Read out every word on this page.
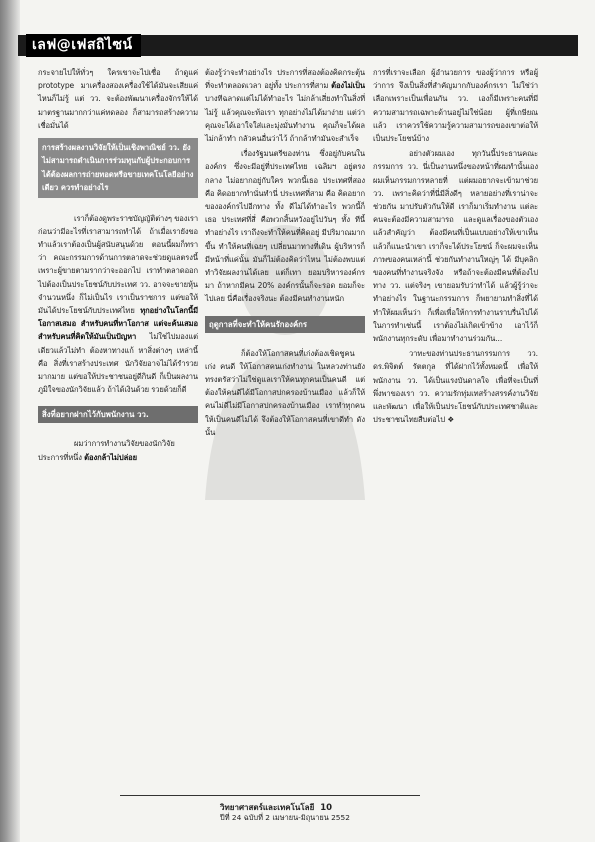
เลฟ@เฟสถิไซน์

กระจายไปให้ทั่วๆ ใครเขาจะไปเชื่อ ถ้าดูแค่ prototype มาเครื่องสองเครื่องใช้ได้มันจะเสียแค่ไหนก็ไม่รู้ แต่ วว. จะต้องพัฒนาเครื่องจักรให้ได้มาตรฐานมากกว่าแค่ทดลอง ก็สามารถสร้างความเชื่อมั่นได้

การสร้างผลงานวิจัยให้เป็นเชิงพาณิชย์ วว. ยังไม่สามารถดำเนินการร่วมทุนกับผู้ประกอบการได้ต้องผลการถ่ายทอดหรือขายเทคโนโลยีอย่างเดียว ควรทำอย่างไร

เราก็ต้องดูพระราชบัญญัติต่างๆ ของเราก่อนว่ามีอะไรที่เราสามารถทำได้ ถ้าเมื่อเรายังขอทำแล้วเราต้องเป็นผู้สนับสนุนด้วย ตอนนี้ผมก็ทราว่า คณะกรรมการด้านการตลาดจะช่วยดูแลตรงนี้ เพราะผู้ขายตามรากว่าจะออกไป เราทำตลาดออกไปต้องเป็นประโยชน์กับประเทศ วว. อาจจะขายหุ้นจำนวนหนึ่ง ก็ไม่เป็นไร เราเป็นราชการ แต่ขอให้มันได้ประโยชน์กับประเทศไทย ทุกอย่างในโลกนี้มีโอกาสเสมอ สำหรับคนที่หาโอกาส แต่จะค้นเสมอสำหรับคนที่คิดให้มันเป็นปัญหา ไม่ใช่ไปมองแต่เดียวแล้วไม่ทำ ต้องหาทางแก้ หาสิ่งต่างๆ เหล่านี้ คือ สิ่งที่เราสร้างประเทศ นักวิจัยอาจไม่ได้รำรวยมากมาย แต่ขอให้ประชาชนอยู่ดีกินดี ก็เป็นผลงานภูมิใจของนักวิจัยแล้ว ถ้าได้เงินด้วย รวยด้วยก็ดี

สิ่งที่อยากฝากไว้กับพนักงาน วว.

ผมว่าการทำงานวิจัยของนักวิจัย ประการที่หนึ่ง ต้องกล้าไม่ปล่อย

ต้องรู้ว่าจะทำอย่างไร ประการที่สองต้องคิดกระตุ้นที่จะทำตลอดเวลา อยู่ทั้ง ประการที่สาม ต้องไม่เป็น บางทีฉลาดแต่ไม่ได้ทำอะไร ไม่กล้าเสี่ยงทำในสิ่งที่ไม่รู้ แล้วคุณจะท้อเรา ทุกอย่างไม่ได้มาง่าย แต่ว่าคุณจะได้เอาใจใส่และมุ่งมั่นทำงาน คุณก็จะได้ผล ไม่กล้าทำ กลัวคนอื่นว่าไว้ ถ้ากล้าทำมันจะสำเร็จ

เรื่องรัฐมนตรีของท่าน ซึ่งอยู่กับคนในองค์กร ซึ่งจะมีอยู่ที่ประเทศไทย เฉลิมฯ อยู่ตรงกลาง ไม่อยากอยู่กับใคร พวกนี้เธอ ประเทศที่สองคือ คิดอยากทำนั่นทำนี่ ประเทศที่สาม คือ คิดอยากขององค์กรไปอีกทาง ทั้ง ดีไม่ได้ทำอะไร พวกนี้ก็เธอ ประเทศที่สี่ คือพวกสิ้นหวังอยู่ไปวันๆ ทั้ง ทีนี้ ทำอย่างไร เราถึงจะทำให้คนที่คิดอยู่ มีปริมาณมากขึ้น ทำให้คนที่เฉยๆ เปลี่ยนมาทางที่เดิน ผู้บริหารก็มีหน้าที่แค่นั้น มันก็ไม่ต้องคิดว่าไหน ไม่ต้องพบแต่ทำวิจัยผลงานได้เลย แต่ก็เทา ยอมบริหารองค์กรมา ถ้าหากมีคน 20% องค์กรนั้นก็จะรอด ยอมก็จะไปเลย นี่คือเรื่องจริงนะ ต้องมีคนทำงานหนัก

ฤดูกาลที่จะทำให้คนรักองค์กร

ก็ต้องให้โอกาสคนที่เก่งต้องเชิดชูคนเก่ง คนดี ให้โอกาสคนเก่งทำงาน ในหลวงท่านยังทรงตรัสว่าไม่ใช่ดูแลเราให้คนทุกคนเป็นคนดี แต่ต้องให้คนดีได้มีโอกาสปกครองบ้านเมือง แล้วก็ให้คนไม่ดีไม่มีโอกาสปกครองบ้านเมือง เราทำทุกคนให้เป็นคนดีไม่ได้ จึงต้องให้โอกาสคนที่เขาดีทำ ดังนั้น

การที่เราจะเลือก ผู้อำนวยการ ของผู้ว่าการ หรือผู้ว่าการ จึงเป็นสิ่งที่สำคัญมากกับองค์กรเรา ไม่ใช่ว่าเลือกเพราะเป็นเพื่อนกัน วว. เองก็มีเพราะคนที่มีความสามารถเฉพาะด้านอยู่ไม่ใช่น้อย ผู้ที่เกษียณแล้ว เราควรใช้ความรู้ความสามารถของเขาต่อให้เป็นประโยชน์บ้าง

อย่างตัวผมเอง ทุกวันนี้ประธานคณะกรรมการ วว. นี่เป็นงานหนึ่งของหน้าที่ผมทำนั้นเอง ผมเห็นกรรมการหลายที่ แต่ผมอยากจะเข้ามาช่วย วว. เพราะคิดว่าที่นี่มีสิ่งดีๆ หลายอย่างที่เราน่าจะช่วยกัน มาปรับตัวกันให้ดี เราก็มาเริ่มทำงาน แต่ละคนจะต้องมีความสามารถ และดูแลเรื่องของตัวเอง แล้วสำคัญว่า ต้องมีคนที่เป็นแบบอย่างให้เขาเห็น แล้วก็แนะนำเขา เราก็จะได้ประโยชน์ ก็จะผมจะเห็นภาพของคนเหล่านี้ ช่วยกันทำงานใหญ่ๆ ได้ มีบุคลิกของคนที่ทำงานจริงจัง หรือถ้าจะต้องมีคนที่ต้องไปทาง วว. แต่จริงๆ เขายอมรับว่าทำได้ แล้วผู้รู้ว่าจะทำอย่างไร ในฐานะกรรมการ ก็พยายามทำสิ่งที่ได้ทำให้ผมเห็นว่า ก็เพื่อเพื่อให้การทำงานราบรื่นไปได้ ในการทำเช่นนี้ เราต้องไม่เกิดเข้าข้าง เอาไว้ก็พนักงานทุกระดับ เพื่อมาทำงานร่วมกัน...

วาทะของท่านประธานกรรมการ วว. ดร.พิจิตต์ รัตตกุล ที่ได้ฝากไว้ทั้งหมดนี้ เพื่อให้พนักงาน วว. ได้เป็นแรงบันดาลใจ เพื่อที่จะเป็นที่พึ่งพาของเรา วว. ความรักทุ่มเทสร้างสรรค์งานวิจัยและพัฒนา เพื่อให้เป็นประโยชน์กับประเทศชาติและประชาชนไทยสืบต่อไป ❖

วิทยาศาสตร์และเทคโนโลยี 10
ปีที่ 24 ฉบับที่ 2 เมษายน-มิถุนายน 2552
